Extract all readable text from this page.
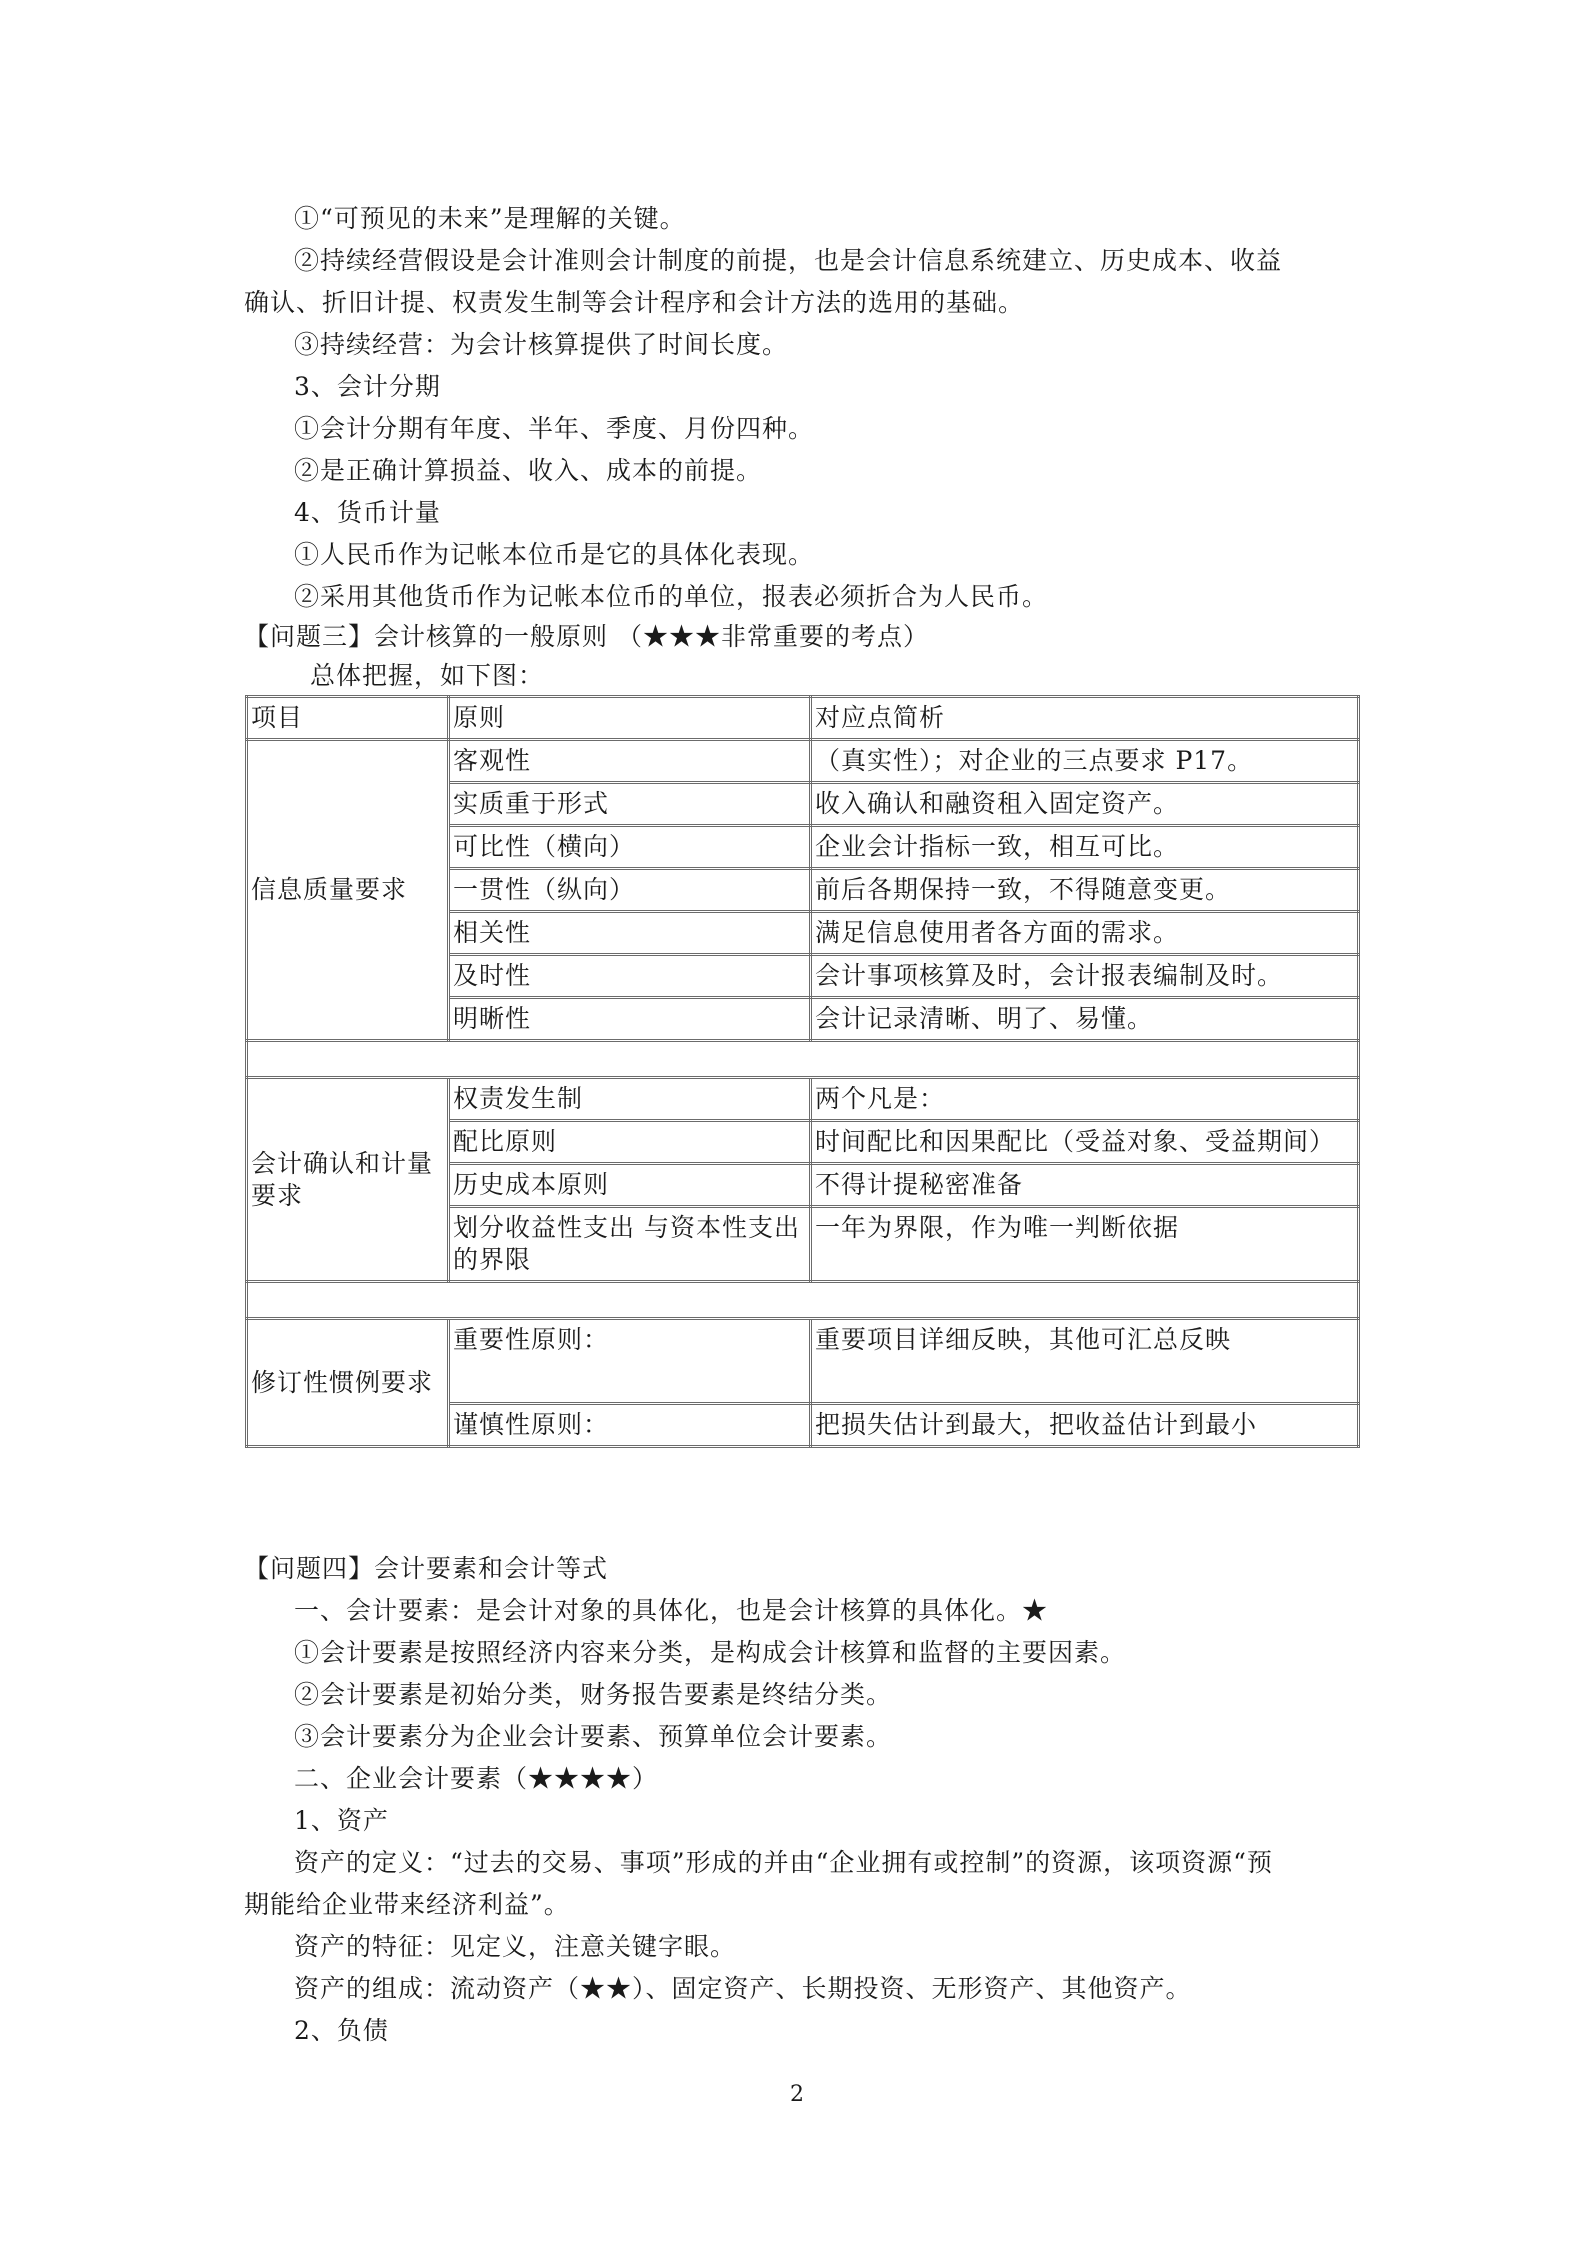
①“可预见的未来”是理解的关键。
②持续经营假设是会计准则会计制度的前提，也是会计信息系统建立、历史成本、收益
确认、折旧计提、权责发生制等会计程序和会计方法的选用的基础。
③持续经营：为会计核算提供了时间长度。
3、会计分期
①会计分期有年度、半年、季度、月份四种。
②是正确计算损益、收入、成本的前提。
4、货币计量
①人民币作为记帐本位币是它的具体化表现。
②采用其他货币作为记帐本位币的单位，报表必须折合为人民币。
【问题三】会计核算的一般原则 （★★★非常重要的考点）
总体把握，如下图：
项目	原则	对应点简析
信息质量要求	客观性	（真实性）；对企业的三点要求 P17。
	实质重于形式	收入确认和融资租入固定资产。
	可比性（横向）	企业会计指标一致，相互可比。
	一贯性（纵向）	前后各期保持一致，不得随意变更。
	相关性	满足信息使用者各方面的需求。
	及时性	会计事项核算及时，会计报表编制及时。
	明晰性	会计记录清晰、明了、易懂。

会计确认和计量要求	权责发生制	两个凡是：
	配比原则	时间配比和因果配比（受益对象、受益期间）
	历史成本原则	不得计提秘密准备
	划分收益性支出 与资本性支出的界限	一年为界限，作为唯一判断依据

修订性惯例要求	重要性原则：	重要项目详细反映，其他可汇总反映
	谨慎性原则：	把损失估计到最大，把收益估计到最小
【问题四】会计要素和会计等式
一、会计要素：是会计对象的具体化，也是会计核算的具体化。★
①会计要素是按照经济内容来分类，是构成会计核算和监督的主要因素。
②会计要素是初始分类，财务报告要素是终结分类。
③会计要素分为企业会计要素、预算单位会计要素。
二、企业会计要素（★★★★）
1、资产
资产的定义：“过去的交易、事项”形成的并由“企业拥有或控制”的资源，该项资源“预
期能给企业带来经济利益”。
资产的特征：见定义，注意关键字眼。
资产的组成：流动资产（★★）、固定资产、长期投资、无形资产、其他资产。
2、负债
2
